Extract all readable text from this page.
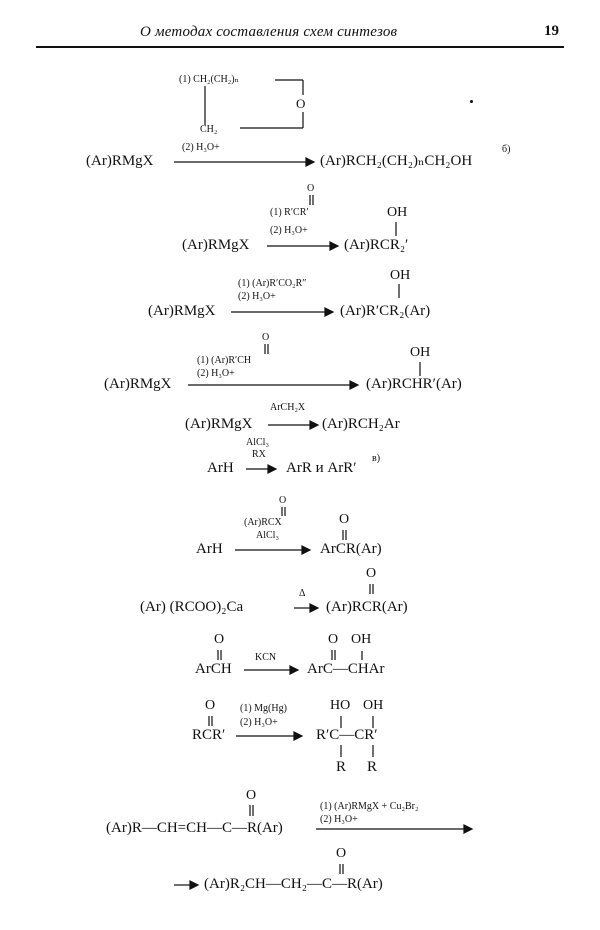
О методах составления схем синтезов	19
(1) CH₂(CH₂)ₙ
O
CH₂
(2) H₃O+
(Ar)RMgX	(Ar)RCH₂(CH₂)ₙCH₂OH
б)
O
(1) R′CR′
(2) H₃O+
OH
(Ar)RMgX	(Ar)RCR₂′
OH
(1) (Ar)R′CO₂R″
(2) H₃O+
(Ar)RMgX	(Ar)R′CR₂(Ar)
O
OH
(1) (Ar)R′CH
(2) H₃O+
(Ar)RMgX	(Ar)RCHR′(Ar)
ArCH₂X
(Ar)RMgX	(Ar)RCH₂Ar
AlCl₃
RX
ArH	ArR и ArR′
в)
O
O
(Ar)RCX
AlCl₃
ArH	ArCR(Ar)
O
Δ
(Ar) (RCOO)₂Ca	(Ar)RCR(Ar)
O	O OH
KCN
ArCH	ArC—CHAr
O	HO OH
(1) Mg(Hg)
(2) H₃O+
RCR′	R′C—CR′
R R
O
(1) (Ar)RMgX + Cu₂Br₂
(2) H₃O+
(Ar)R—CH=CH—C—R(Ar)
O
(Ar)R₂CH—CH₂—C—R(Ar)
